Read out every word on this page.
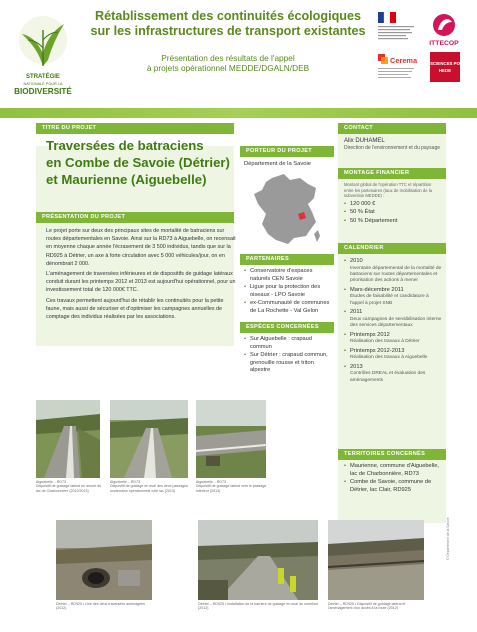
STRATÉGIE
NATIONALE POUR LA
BIODIVERSITÉ
Rétablissement des continuités écologiques
sur les infrastructures de transport existantes
Présentation des résultats de l'appel
à projets opérationnel MEDDE/DGALN/DEB
ITTECOP
Cerema	SCIENCES PO
HEDE
TITRE DU PROJET
Traversées de batraciens
en Combe de Savoie (Détrier)
et Maurienne (Aiguebelle)
PRÉSENTATION DU PROJET

Le projet porte sur deux des principaux sites de mortalité de batraciens sur routes départementales en Savoie. Ainsi sur la RD73 à Aiguebelle, on recensait en moyenne chaque année l'écrasement de 3 500 individus, tandis que sur la RD925 à Détrier, un axe à forte circulation avec 5 000 véhicules/jour, on en dénombrait 2 000.

L'aménagement de traversées inférieures et de dispositifs de guidage latéraux conduit durant les printemps 2012 et 2013 est aujourd'hui opérationnel, pour un investissement total de 120 000€ TTC.

Ces travaux permettent aujourd'hui de rétablir les continuités pour la petite faune, mais aussi de sécuriser et d'optimiser les campagnes annuelles de comptage des individus réalisées par les associations.

PORTEUR DU PROJET
Département de la Savoie
PARTENAIRES
• Conservatoire d'espaces naturels CEN Savoie
• Ligue pour la protection des oiseaux - LPO Savoie
• ex-Communauté de communes de La Rochette - Val Gelon
ESPÈCES CONCERNÉES
• Sur Aiguebelle : crapaud commun
• Sur Détrier : crapaud commun, grenouille rousse et triton alpestre
CONTACT
Alix DUHAMEL
Direction de l'environnement et du paysage
MONTAGE FINANCIER
Montant global de l'opération TTC et répartition entre les partenaires (taux de mobilisation de la subvention MEDDE) :
• 120 000 €
• 50 % État
• 50 % Département
CALENDRIER
• 2010
Inventaire départemental de la mortalité de batraciens sur routes départementales et priorisation des actions à mener
• Mars-décembre 2011
Études de faisabilité et candidature à l'appel à projet SNB
• 2011
Deux campagnes de sensibilisation interne des services départementaux
• Printemps 2012
Réalisation des travaux à Détrier
• Printemps 2012-2013
Réalisation des travaux à Aiguebelle
• 2013
Contrôles DREAL et évaluation des aménagements
TERRITOIRES CONCERNÉS
• Maurienne, commune d'Aiguebelle, lac de Charbonnière, RD73
• Combe de Savoie, commune de Détrier, lac Clair, RD925
Aiguebelle – RD73
Dispositif de guidage latéral en amont du lac de Charbonnière (2012/2013)
Aiguebelle – RD73
Dispositif de guidage en aval des deux passages souterrains opérationnels côté lac (2013)
Aiguebelle – RD73
Dispositif de guidage latéral vers le passage inférieur (2013)
Détrier – RD925 • Une des deux traversées aménagées (2012)
Détrier – RD925 • Installation de la barrière de guidage en aval du carrefour (2012)
Détrier – RD925 • Dispositif de guidage latéral et l'aménagement d'un accès à la route (2012)
© Département de la Savoie
